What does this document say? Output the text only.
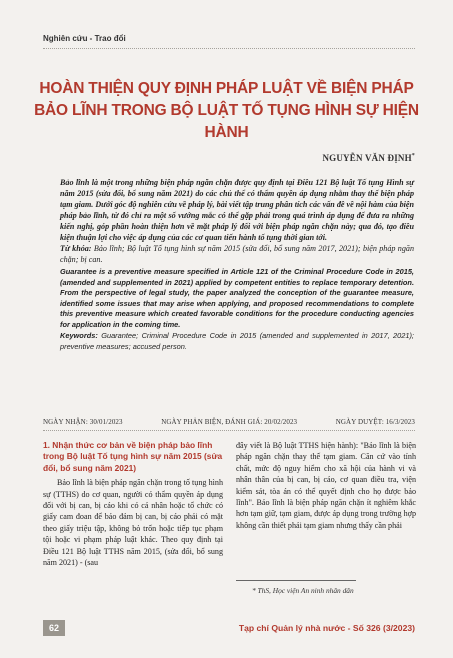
Nghiên cứu - Trao đổi
HOÀN THIỆN QUY ĐỊNH PHÁP LUẬT VỀ BIỆN PHÁP
BẢO LĨNH TRONG BỘ LUẬT TỐ TỤNG HÌNH SỰ HIỆN HÀNH
NGUYỄN VĂN ĐỊNH*

Bảo lĩnh là một trong những biện pháp ngăn chặn được quy định tại Điều 121 Bộ luật Tố tụng Hình sự năm 2015 (sửa đổi, bổ sung năm 2021) do các chủ thể có thẩm quyền áp dụng nhằm thay thế biện pháp tạm giam. Dưới góc độ nghiên cứu về pháp lý, bài viết tập trung phân tích các vấn đề về nội hàm của biện pháp bảo lĩnh, từ đó chỉ ra một số vướng mắc có thể gặp phải trong quá trình áp dụng để đưa ra những kiến nghị, góp phần hoàn thiện hơn về mặt pháp lý đối với biện pháp ngăn chặn này; qua đó, tạo điều kiện thuận lợi cho việc áp dụng của các cơ quan tiến hành tố tụng thời gian tới.

Từ khóa: Bảo lĩnh; Bộ luật Tố tụng hình sự năm 2015 (sửa đổi, bổ sung năm 2017, 2021); biện pháp ngăn chặn; bị can.

Guarantee is a preventive measure specified in Article 121 of the Criminal Procedure Code in 2015, (amended and supplemented in 2021) applied by competent entities to replace temporary detention. From the perspective of legal study, the paper analyzed the conception of the guarantee measure, identified some issues that may arise when applying, and proposed recommendations to complete this preventive measure which created favorable conditions for the procedure conducting agencies for application in the coming time.

Keywords: Guarantee; Criminal Procedure Code in 2015 (amended and supplemented in 2017, 2021); preventive measures; accused person.

NGÀY NHẬN: 30/01/2023	NGÀY PHẢN BIỆN, ĐÁNH GIÁ: 20/02/2023	NGÀY DUYỆT: 16/3/2023
1. Nhận thức cơ bản về biện pháp bảo lĩnh trong Bộ luật Tố tụng hình sự năm 2015 (sửa đổi, bổ sung năm 2021)

Bảo lĩnh là biện pháp ngăn chặn trong tố tụng hình sự (TTHS) do cơ quan, người có thẩm quyền áp dụng đối với bị can, bị cáo khi có cá nhân hoặc tổ chức có giấy cam đoan để bảo đảm bị can, bị cáo phải có mặt theo giấy triệu tập, không bỏ trốn hoặc tiếp tục phạm tội hoặc vi phạm pháp luật khác. Theo quy định tại Điều 121 Bộ luật TTHS năm 2015, (sửa đổi, bổ sung năm 2021) - (sau

đây viết là Bộ luật TTHS hiện hành): "Bảo lĩnh là biện pháp ngăn chặn thay thế tạm giam. Căn cứ vào tính chất, mức độ nguy hiểm cho xã hội của hành vi và nhân thân của bị can, bị cáo, cơ quan điều tra, viện kiểm sát, tòa án có thể quyết định cho họ được bảo lĩnh". Bảo lĩnh là biện pháp ngăn chặn ít nghiêm khắc hơn tạm giữ, tạm giam, được áp dụng trong trường hợp không cần thiết phải tạm giam nhưng thấy cần phải

* ThS, Học viện An ninh nhân dân
62	Tạp chí Quản lý nhà nước - Số 326 (3/2023)
